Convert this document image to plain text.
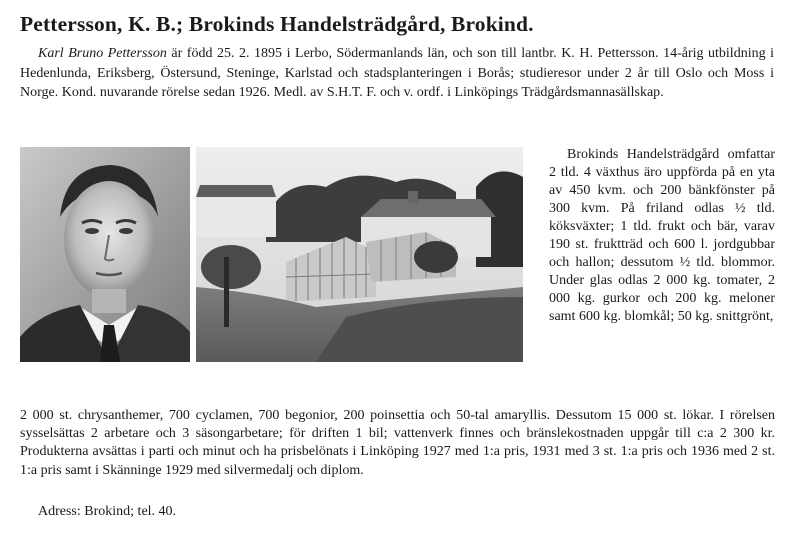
Pettersson, K. B.; Brokinds Handelsträdgård, Brokind.

Karl Bruno Pettersson är född 25. 2. 1895 i Lerbo, Södermanlands län, och son till lantbr. K. H. Pettersson. 14-årig utbildning i Hedenlunda, Eriksberg, Östersund, Steninge, Karlstad och stadsplanteringen i Borås; studieresor under 2 år till Oslo och Moss i Norge. Kond. nuvarande rörelse sedan 1926. Medl. av S.H.T. F. och v. ordf. i Linköpings Trädgårdsmannasällskap.

Brokinds Handelsträdgård omfattar 2 tld. 4 växthus äro uppförda på en yta av 450 kvm. och 200 bänkfönster på 300 kvm. På friland odlas ½ tld. köksväxter; 1 tld. frukt och bär, varav 190 st. fruktträd och 600 l. jordgubbar och hallon; dessutom ½ tld. blommor. Under glas odlas 2 000 kg. tomater, 2 000 kg. gurkor och 200 kg. meloner samt 600 kg. blomkål; 50 kg. snittgrönt,

2 000 st. chrysanthemer, 700 cyclamen, 700 begonior, 200 poinsettia och 50-tal amaryllis. Dessutom 15 000 st. lökar. I rörelsen sysselsättas 2 arbetare och 3 säsongarbetare; för driften 1 bil; vattenverk finnes och bränslekostnaden uppgår till c:a 2 300 kr. Produkterna avsättas i parti och minut och ha prisbelönats i Linköping 1927 med 1:a pris, 1931 med 3 st. 1:a pris och 1936 med 2 st. 1:a pris samt i Skänninge 1929 med silvermedalj och diplom.

Adress: Brokind; tel. 40.
